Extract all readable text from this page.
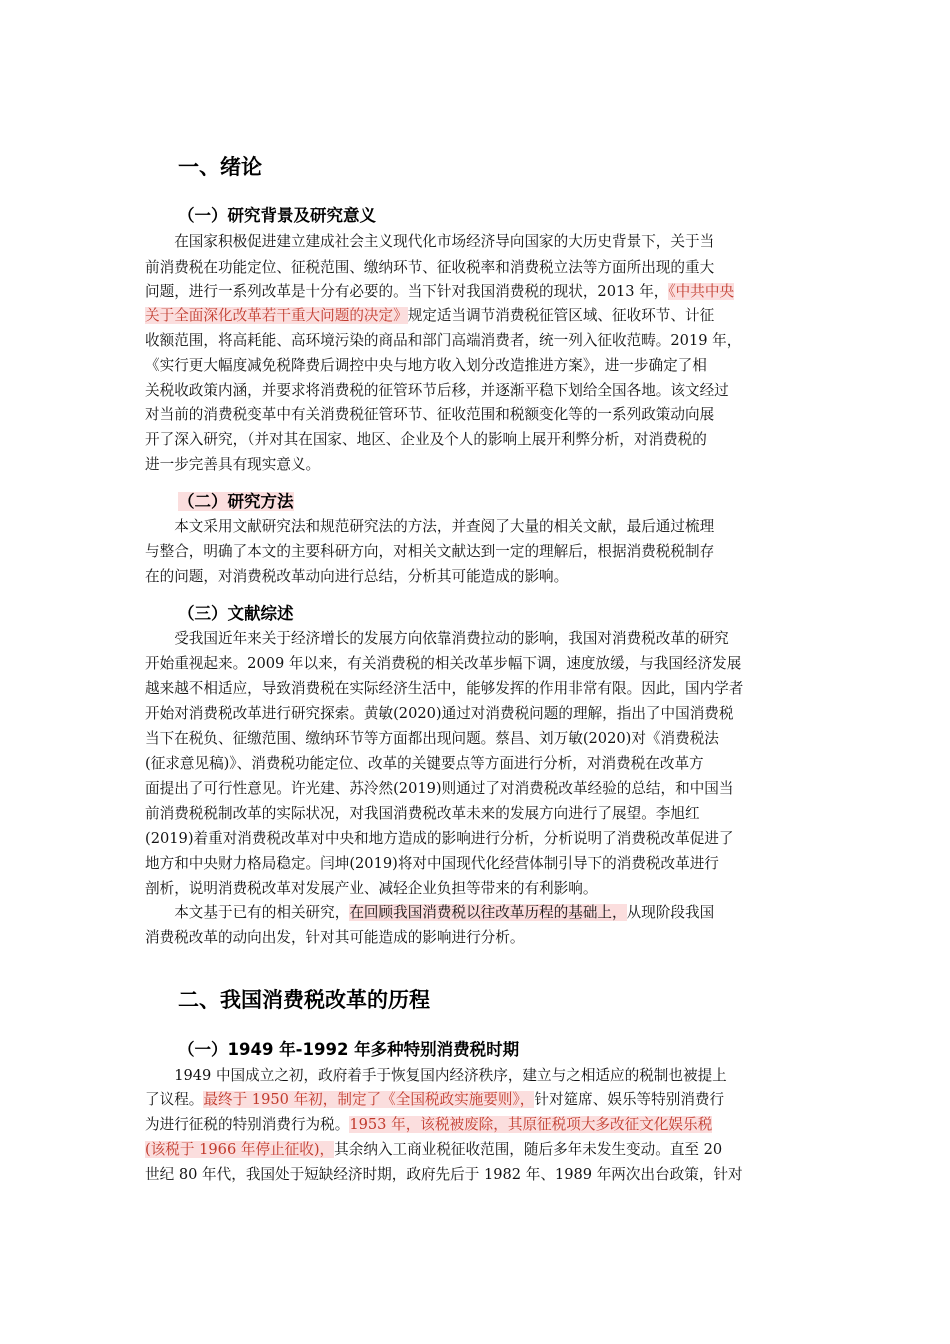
一、绪论
（一）研究背景及研究意义

　　在国家积极促进建立建成社会主义现代化市场经济导向国家的大历史背景下，关于当

前消费税在功能定位、征税范围、缴纳环节、征收税率和消费税立法等方面所出现的重大

问题，进行一系列改革是十分有必要的。当下针对我国消费税的现状，2013 年，《中共中央

关于全面深化改革若干重大问题的决定》规定适当调节消费税征管区域、征收环节、计征

收额范围，将高耗能、高环境污染的商品和部门高端消费者，统一列入征收范畴。2019 年，

《实行更大幅度减免税降费后调控中央与地方收入划分改造推进方案》，进一步确定了相

关税收政策内涵，并要求将消费税的征管环节后移，并逐渐平稳下划给全国各地。该文经过

对当前的消费税变革中有关消费税征管环节、征收范围和税额变化等的一系列政策动向展

开了深入研究，（并对其在国家、地区、企业及个人的影响上展开利弊分析，对消费税的

进一步完善具有现实意义。

（二）研究方法

　　本文采用文献研究法和规范研究法的方法，并查阅了大量的相关文献，最后通过梳理

与整合，明确了本文的主要科研方向，对相关文献达到一定的理解后，根据消费税税制存

在的问题，对消费税改革动向进行总结，分析其可能造成的影响。

（三）文献综述

　　受我国近年来关于经济增长的发展方向依靠消费拉动的影响，我国对消费税改革的研究

开始重视起来。2009 年以来，有关消费税的相关改革步幅下调，速度放缓，与我国经济发展

越来越不相适应，导致消费税在实际经济生活中，能够发挥的作用非常有限。因此，国内学者

开始对消费税改革进行研究探索。黄敏(2020)通过对消费税问题的理解，指出了中国消费税

当下在税负、征缴范围、缴纳环节等方面都出现问题。蔡昌、刘万敏(2020)对《消费税法

(征求意见稿)》、消费税功能定位、改革的关键要点等方面进行分析，对消费税在改革方

面提出了可行性意见。许光建、苏泠然(2019)则通过了对消费税改革经验的总结，和中国当

前消费税税制改革的实际状况，对我国消费税改革未来的发展方向进行了展望。李旭红

(2019)着重对消费税改革对中央和地方造成的影响进行分析，分析说明了消费税改革促进了

地方和中央财力格局稳定。闫坤(2019)将对中国现代化经营体制引导下的消费税改革进行

剖析，说明消费税改革对发展产业、减轻企业负担等带来的有利影响。

　　本文基于已有的相关研究，在回顾我国消费税以往改革历程的基础上，从现阶段我国

消费税改革的动向出发，针对其可能造成的影响进行分析。

二、我国消费税改革的历程
（一）1949 年-1992 年多种特别消费税时期

　　1949 中国成立之初，政府着手于恢复国内经济秩序，建立与之相适应的税制也被提上

了议程。最终于 1950 年初，制定了《全国税政实施要则》，针对筵席、娱乐等特别消费行

为进行征税的特别消费行为税。1953 年，该税被废除，其原征税项大多改征文化娱乐税

(该税于 1966 年停止征收)，其余纳入工商业税征收范围，随后多年未发生变动。直至 20

世纪 80 年代，我国处于短缺经济时期，政府先后于 1982 年、1989 年两次出台政策，针对
